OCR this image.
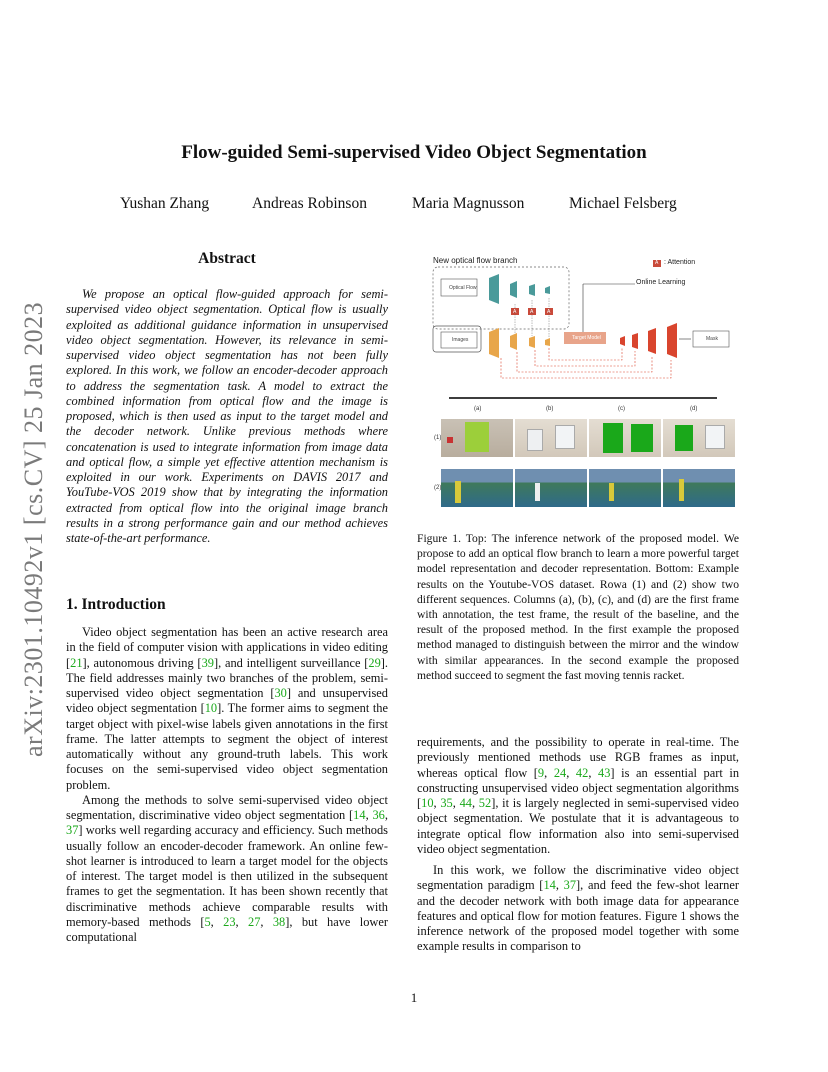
arXiv:2301.10492v1 [cs.CV] 25 Jan 2023
Flow-guided Semi-supervised Video Object Segmentation
Yushan Zhang	Andreas Robinson	Maria Magnusson	Michael Felsberg
Abstract

We propose an optical flow-guided approach for semi-supervised video object segmentation. Optical flow is usually exploited as additional guidance information in unsupervised video object segmentation. However, its relevance in semi-supervised video object segmentation has not been fully explored. In this work, we follow an encoder-decoder approach to address the segmentation task. A model to extract the combined information from optical flow and the image is proposed, which is then used as input to the target model and the decoder network. Unlike previous methods where concatenation is used to integrate information from image data and optical flow, a simple yet effective attention mechanism is exploited in our work. Experiments on DAVIS 2017 and YouTube-VOS 2019 show that by integrating the information extracted from optical flow into the original image branch results in a strong performance gain and our method achieves state-of-the-art performance.

1. Introduction

Video object segmentation has been an active research area in the field of computer vision with applications in video editing [21], autonomous driving [39], and intelligent surveillance [29]. The field addresses mainly two branches of the problem, semi-supervised video object segmentation [30] and unsupervised video object segmentation [10]. The former aims to segment the target object with pixel-wise labels given annotations in the first frame. The latter attempts to segment the object of interest automatically without any ground-truth labels. This work focuses on the semi-supervised video object segmentation problem.

Among the methods to solve semi-supervised video object segmentation, discriminative video object segmentation [14, 36, 37] works well regarding accuracy and efficiency. Such methods usually follow an encoder-decoder framework. An online few-shot learner is introduced to learn a target model for the objects of interest. The target model is then utilized in the subsequent frames to get the segmentation. It has been shown recently that discriminative methods achieve comparable results with memory-based methods [5, 23, 27, 38], but have lower computational

New optical flow branch	A : Attention
Online Learning
Optical Flow
Images	Target Model	Mask
A	A	A
(a)	(b)	(c)	(d)
(1)
(2)
Figure 1. Top: The inference network of the proposed model. We propose to add an optical flow branch to learn a more powerful target model representation and decoder representation. Bottom: Example results on the Youtube-VOS dataset. Rowa (1) and (2) show two different sequences. Columns (a), (b), (c), and (d) are the first frame with annotation, the test frame, the result of the baseline, and the result of the proposed method. In the first example the proposed method managed to distinguish between the mirror and the window with similar appearances. In the second example the proposed method succeed to segment the fast moving tennis racket.

requirements, and the possibility to operate in real-time. The previously mentioned methods use RGB frames as input, whereas optical flow [9, 24, 42, 43] is an essential part in constructing unsupervised video object segmentation algorithms [10, 35, 44, 52], it is largely neglected in semi-supervised video object segmentation. We postulate that it is advantageous to integrate optical flow information also into semi-supervised video object segmentation.

In this work, we follow the discriminative video object segmentation paradigm [14, 37], and feed the few-shot learner and the decoder network with both image data for appearance features and optical flow for motion features. Figure 1 shows the inference network of the proposed model together with some example results in comparison to

1
